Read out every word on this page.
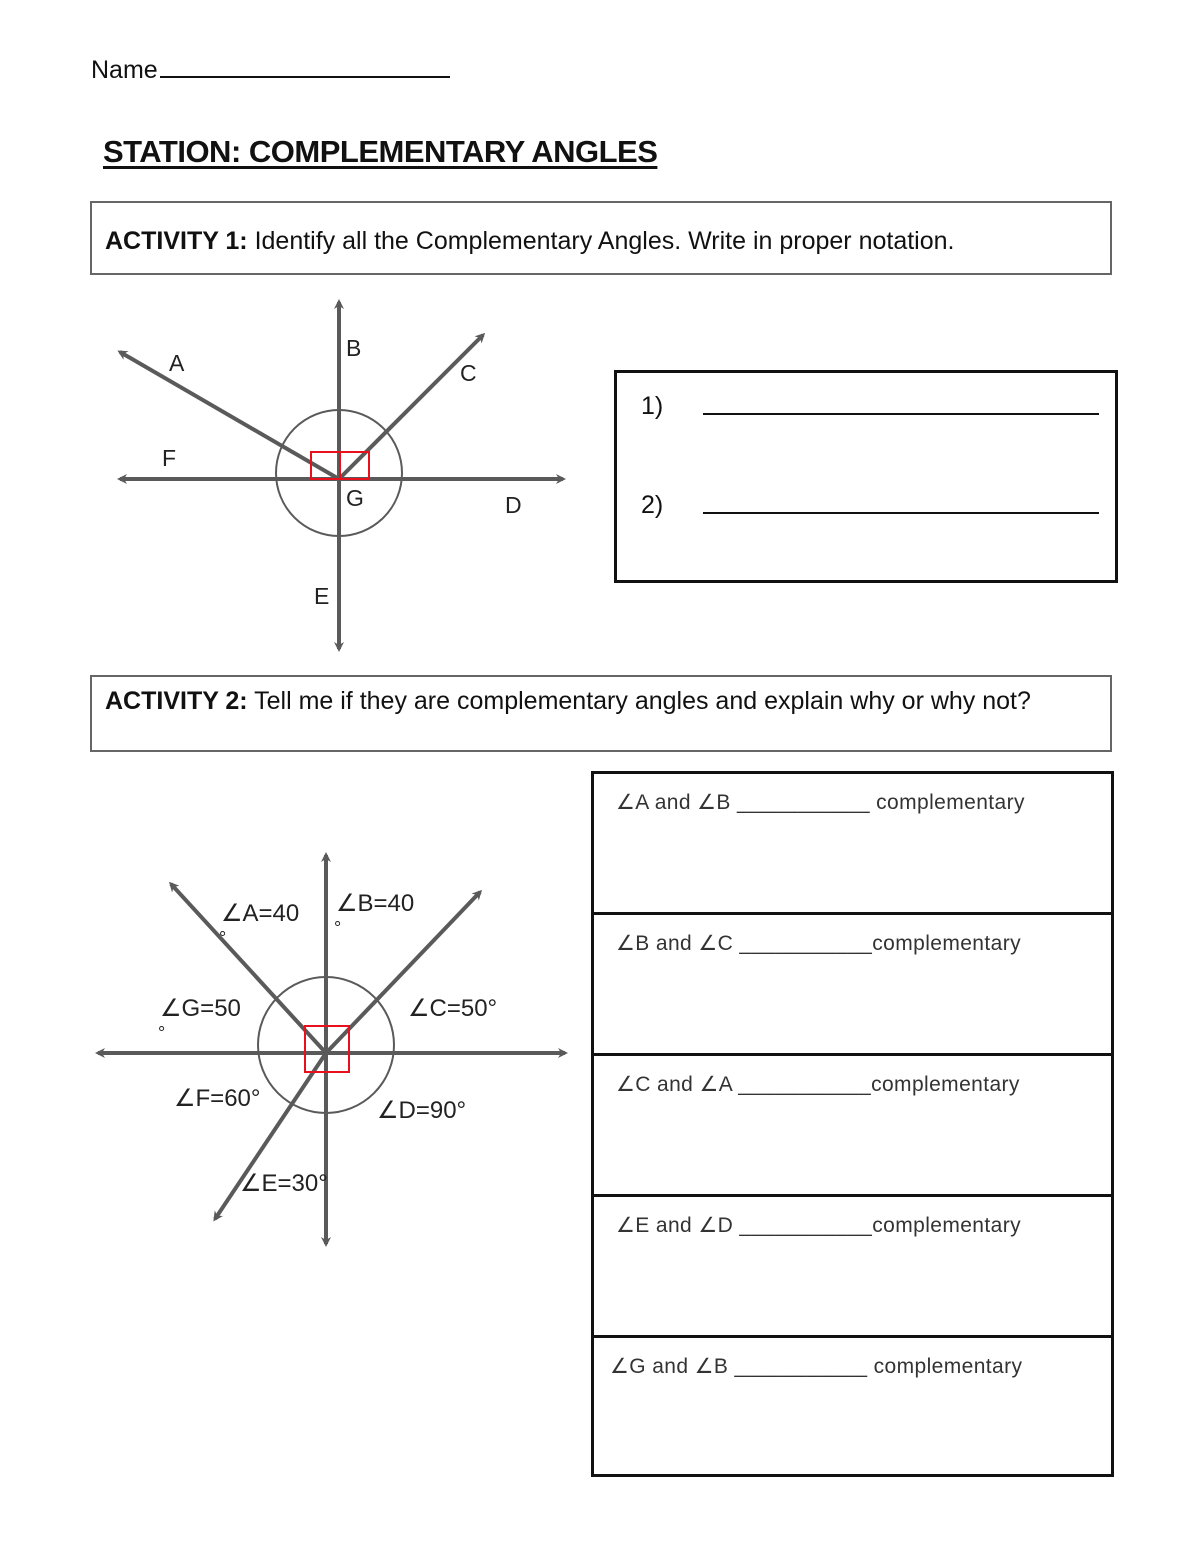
Name
STATION: COMPLEMENTARY ANGLES
ACTIVITY 1: Identify all the Complementary Angles. Write in proper notation.
A
B
C
D
E
F
G
1)
2)
ACTIVITY 2: Tell me if they are complementary angles and explain why or why not?
∠A=40
°
∠B=40
°
∠G=50
°
∠C=50°
∠F=60°	∠D=90°
∠E=30°
∠A and ∠B ___________ complementary
∠B and ∠C ___________complementary
∠C and ∠A ___________complementary
∠E and ∠D ___________complementary
∠G and ∠B ___________ complementary
